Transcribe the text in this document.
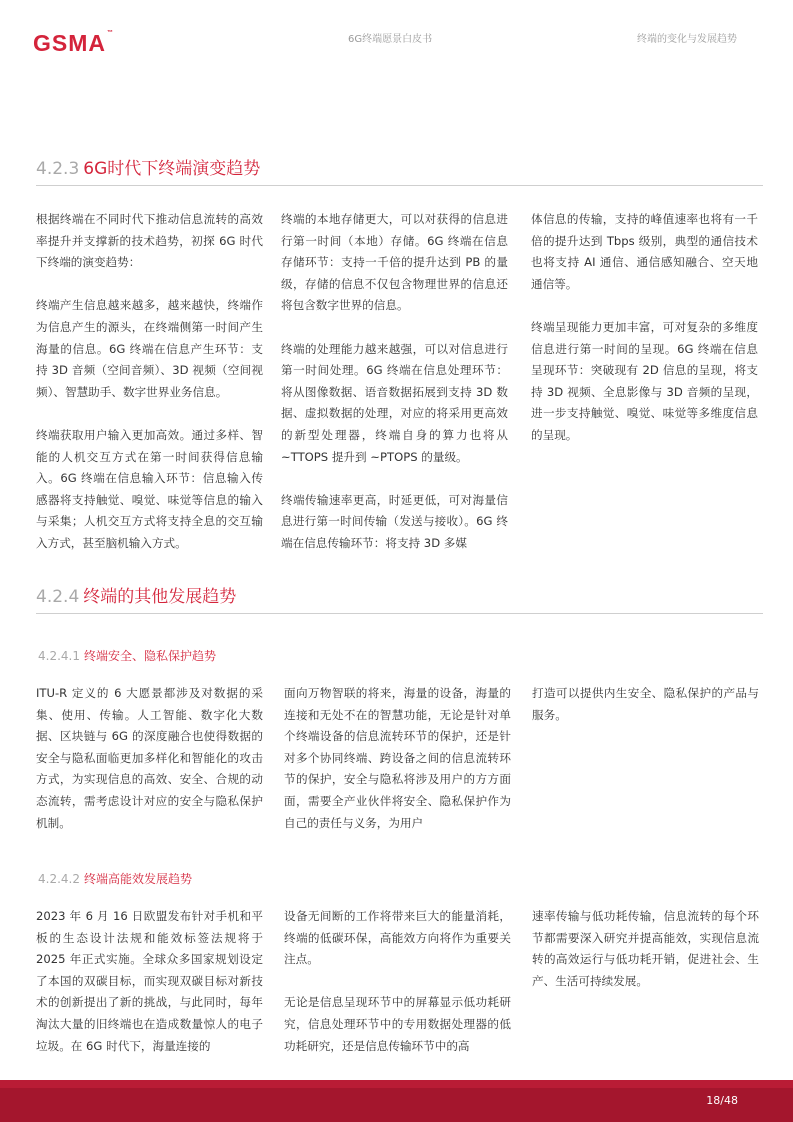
GSMA™
6G终端愿景白皮书	终端的变化与发展趋势
4.2.3 6G时代下终端演变趋势

根据终端在不同时代下推动信息流转的高效率提升并支撑新的技术趋势，初探 6G 时代下终端的演变趋势：

终端产生信息越来越多，越来越快，终端作为信息产生的源头，在终端侧第一时间产生海量的信息。6G 终端在信息产生环节：支持 3D 音频（空间音频）、3D 视频（空间视频）、智慧助手、数字世界业务信息。

终端获取用户输入更加高效。通过多样、智能的人机交互方式在第一时间获得信息输入。6G 终端在信息输入环节：信息输入传感器将支持触觉、嗅觉、味觉等信息的输入与采集；人机交互方式将支持全息的交互输入方式，甚至脑机输入方式。

终端的本地存储更大，可以对获得的信息进行第一时间（本地）存储。6G 终端在信息存储环节：支持一千倍的提升达到 PB 的量级，存储的信息不仅包含物理世界的信息还将包含数字世界的信息。

终端的处理能力越来越强，可以对信息进行第一时间处理。6G 终端在信息处理环节：将从图像数据、语音数据拓展到支持 3D 数据、虚拟数据的处理，对应的将采用更高效的新型处理器，终端自身的算力也将从 ~TTOPS 提升到 ~PTOPS 的量级。

终端传输速率更高，时延更低，可对海量信息进行第一时间传输（发送与接收）。6G 终端在信息传输环节：将支持 3D 多媒

体信息的传输，支持的峰值速率也将有一千倍的提升达到 Tbps 级别，典型的通信技术也将支持 AI 通信、通信感知融合、空天地通信等。

终端呈现能力更加丰富，可对复杂的多维度信息进行第一时间的呈现。6G 终端在信息呈现环节：突破现有 2D 信息的呈现，将支持 3D 视频、全息影像与 3D 音频的呈现，进一步支持触觉、嗅觉、味觉等多维度信息的呈现。

4.2.4 终端的其他发展趋势
4.2.4.1 终端安全、隐私保护趋势

ITU-R 定义的 6 大愿景都涉及对数据的采集、使用、传输。人工智能、数字化大数据、区块链与 6G 的深度融合也使得数据的安全与隐私面临更加多样化和智能化的攻击方式，为实现信息的高效、安全、合规的动态流转，需考虑设计对应的安全与隐私保护机制。

面向万物智联的将来，海量的设备，海量的连接和无处不在的智慧功能，无论是针对单个终端设备的信息流转环节的保护，还是针对多个协同终端、跨设备之间的信息流转环节的保护，安全与隐私将涉及用户的方方面面，需要全产业伙伴将安全、隐私保护作为自己的责任与义务，为用户

打造可以提供内生安全、隐私保护的产品与服务。

4.2.4.2 终端高能效发展趋势

2023 年 6 月 16 日欧盟发布针对手机和平板的生态设计法规和能效标签法规将于 2025 年正式实施。全球众多国家规划设定了本国的双碳目标，而实现双碳目标对新技术的创新提出了新的挑战，与此同时，每年淘汰大量的旧终端也在造成数量惊人的电子垃圾。在 6G 时代下，海量连接的

设备无间断的工作将带来巨大的能量消耗，终端的低碳环保，高能效方向将作为重要关注点。

无论是信息呈现环节中的屏幕显示低功耗研究，信息处理环节中的专用数据处理器的低功耗研究，还是信息传输环节中的高

速率传输与低功耗传输，信息流转的每个环节都需要深入研究并提高能效，实现信息流转的高效运行与低功耗开销，促进社会、生产、生活可持续发展。

18/48
